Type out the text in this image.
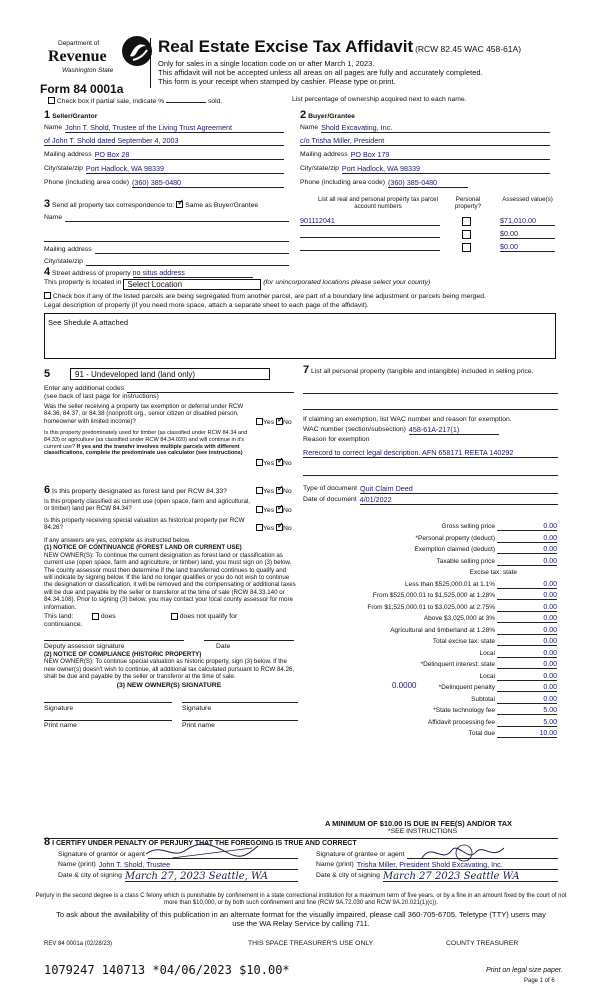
Department of
Revenue
Washington State
Form 84 0001a
Real Estate Excise Tax Affidavit (RCW 82.45 WAC 458-61A)
Only for sales in a single location code on or after March 1, 2023.
This affidavit will not be accepted unless all areas on all pages are fully and accurately completed.
This form is your receipt when stamped by cashier. Please type or print.
Check box if partial sale, indicate %	sold.	List percentage of ownership acquired next to each name.
1 Seller/Grantor
Name John T. Shold, Trustee of the Living Trust Agreement
of John T. Shold dated September 4, 2003
Mailing address PO Box 28
City/state/zip Port Hadlock, WA 98339
Phone (including area code) (360) 385-0480
2 Buyer/Grantee
Name Shold Excavating, Inc.
c/o Trisha Miller, President
Mailing address PO Box 179
City/state/zip Port Hadlock, WA 98339
Phone (including area code) (360) 385-0480
3 Send all property tax correspondence to: ✓ Same as Buyer/Grantee
Name
Mailing address
City/state/zip
List all real and personal property tax parcel account numbers
Personal property?
Assessed value(s)
901112041	$71,010.00
$0.00
$0.00
4 Street address of property no situs address
This property is located in Select Location	(for unincorporated locations please select your county)
Check box if any of the listed parcels are being segregated from another parcel, are part of a boundary line adjustment or parcels being merged.
Legal description of property (if you need more space, attach a separate sheet to each page of the affidavit).
See Shedule A attached
5	91 - Undeveloped land (land only)
Enter any additional codes
(see back of last page for instructions)
Was the seller receiving a property tax exemption or deferral under RCW 84.36, 84.37, or 84.38 (nonprofit org., senior citizen or disabled person, homeowner with limited income)?	Yes ✓ No
Is this property predominately used for timber (as classified under RCW 84.34 and 84.33) or agriculture (as classified under RCW 84.34.020) and will continue in it's current use? If yes and the transfer involves multiple parcels with different classifications, complete the predominate use calculator (see instructions)
Yes ✓ No
6 Is this property designated as forest land per RCW 84.33?	Yes ✓ No
Is this property classified as current use (open space, farm and agricultural, or timber) land per RCW 84.34?	Yes ✓ No
Is this property receiving special valuation as historical property per RCW 84.26?	Yes ✓ No
If any answers are yes, complete as instructed below.
(1) NOTICE OF CONTINUANCE (FOREST LAND OR CURRENT USE)
NEW OWNER(S): To continue the current designation as forest land or classification as current use (open space, farm and agriculture, or timber) land, you must sign on (3) below. The county assessor must then determine if the land transferred continues to qualify and will indicate by signing below. If the land no longer qualifies or you do not wish to continue the designation or classification, it will be removed and the compensating or additional taxes will be due and payable by the seller or transferor at the time of sale (RCW 84.33.140 or 84.34.108). Prior to signing (3) below, you may contact your local county assessor for more information.
This land:
	does
	does not qualify for
continuance.
Deputy assessor signature	Date
(2) NOTICE OF COMPLIANCE (HISTORIC PROPERTY)
NEW OWNER(S): To continue special valuation as historic property, sign (3) below. If the new owner(s) doesn't wish to continue, all additional tax calculated pursuant to RCW 84.26, shall be due and payable by the seller or transferor at the time of sale.
(3) NEW OWNER(S) SIGNATURE
Signature	Signature
Print name	Print name
7 List all personal property (tangible and intangible) included in selling price.
If claiming an exemption, list WAC number and reason for exemption.
WAC number (section/subsection) 458-61A-217(1)
Reason for exemption
Rerecord to correct legal description. AFN 658171 REETA 140292
Type of document Quit Claim Deed
Date of document 4/01/2022
Gross selling price	0.00
*Personal property (deduct)	0.00
Exemption claimed (deduct)	0.00
Taxable selling price	0.00
Excise tax: state
Less than $525,000.01 at 1.1%	0.00
From $525,000.01 to $1,525,000 at 1.28%	0.00
From $1,525,000.01 to $3,025,000 at 2.75%	0.00
Above $3,025,000 at 3%	0.00
Agricultural and timberland at 1.28%	0.00
Total excise tax: state	0.00
Local	0.00
*Delinquent interest: state	0.00
Local	0.00
*Delinquent penalty	0.00
Subtotal	0.00
*State technology fee	5.00
Affidavit processing fee	5.00
Total due	10.00
0.0000
A MINIMUM OF $10.00 IS DUE IN FEE(S) AND/OR TAX
*SEE INSTRUCTIONS
8 I CERTIFY UNDER PENALTY OF PERJURY THAT THE FOREGOING IS TRUE AND CORRECT
Signature of grantor or agent
Name (print) John T. Shold, Trustee
Date & city of signing March 27, 2023 Seattle, WA
Signature of grantee or agent
Name (print) Trisha Miller, President Shold Excavating, Inc.
Date & city of signing March 27 2023 Seattle WA
Perjury in the second degree is a class C felony which is punishable by confinement in a state correctional institution for a maximum term of five years, or by a fine in an amount fixed by the court of not more than $10,000, or by both such confinement and fine (RCW 9A.72.030 and RCW 9A.20.021(1)(c)).
To ask about the availability of this publication in an alternate format for the visually impaired, please call 360-705-6705. Teletype (TTY) users may use the WA Relay Service by calling 711.
REV 84 0001a (02/28/23)	THIS SPACE TREASURER'S USE ONLY	COUNTY TREASURER
1079247 140713 *04/06/2023 $10.00*	Print on legal size paper.
Page 1 of 6
